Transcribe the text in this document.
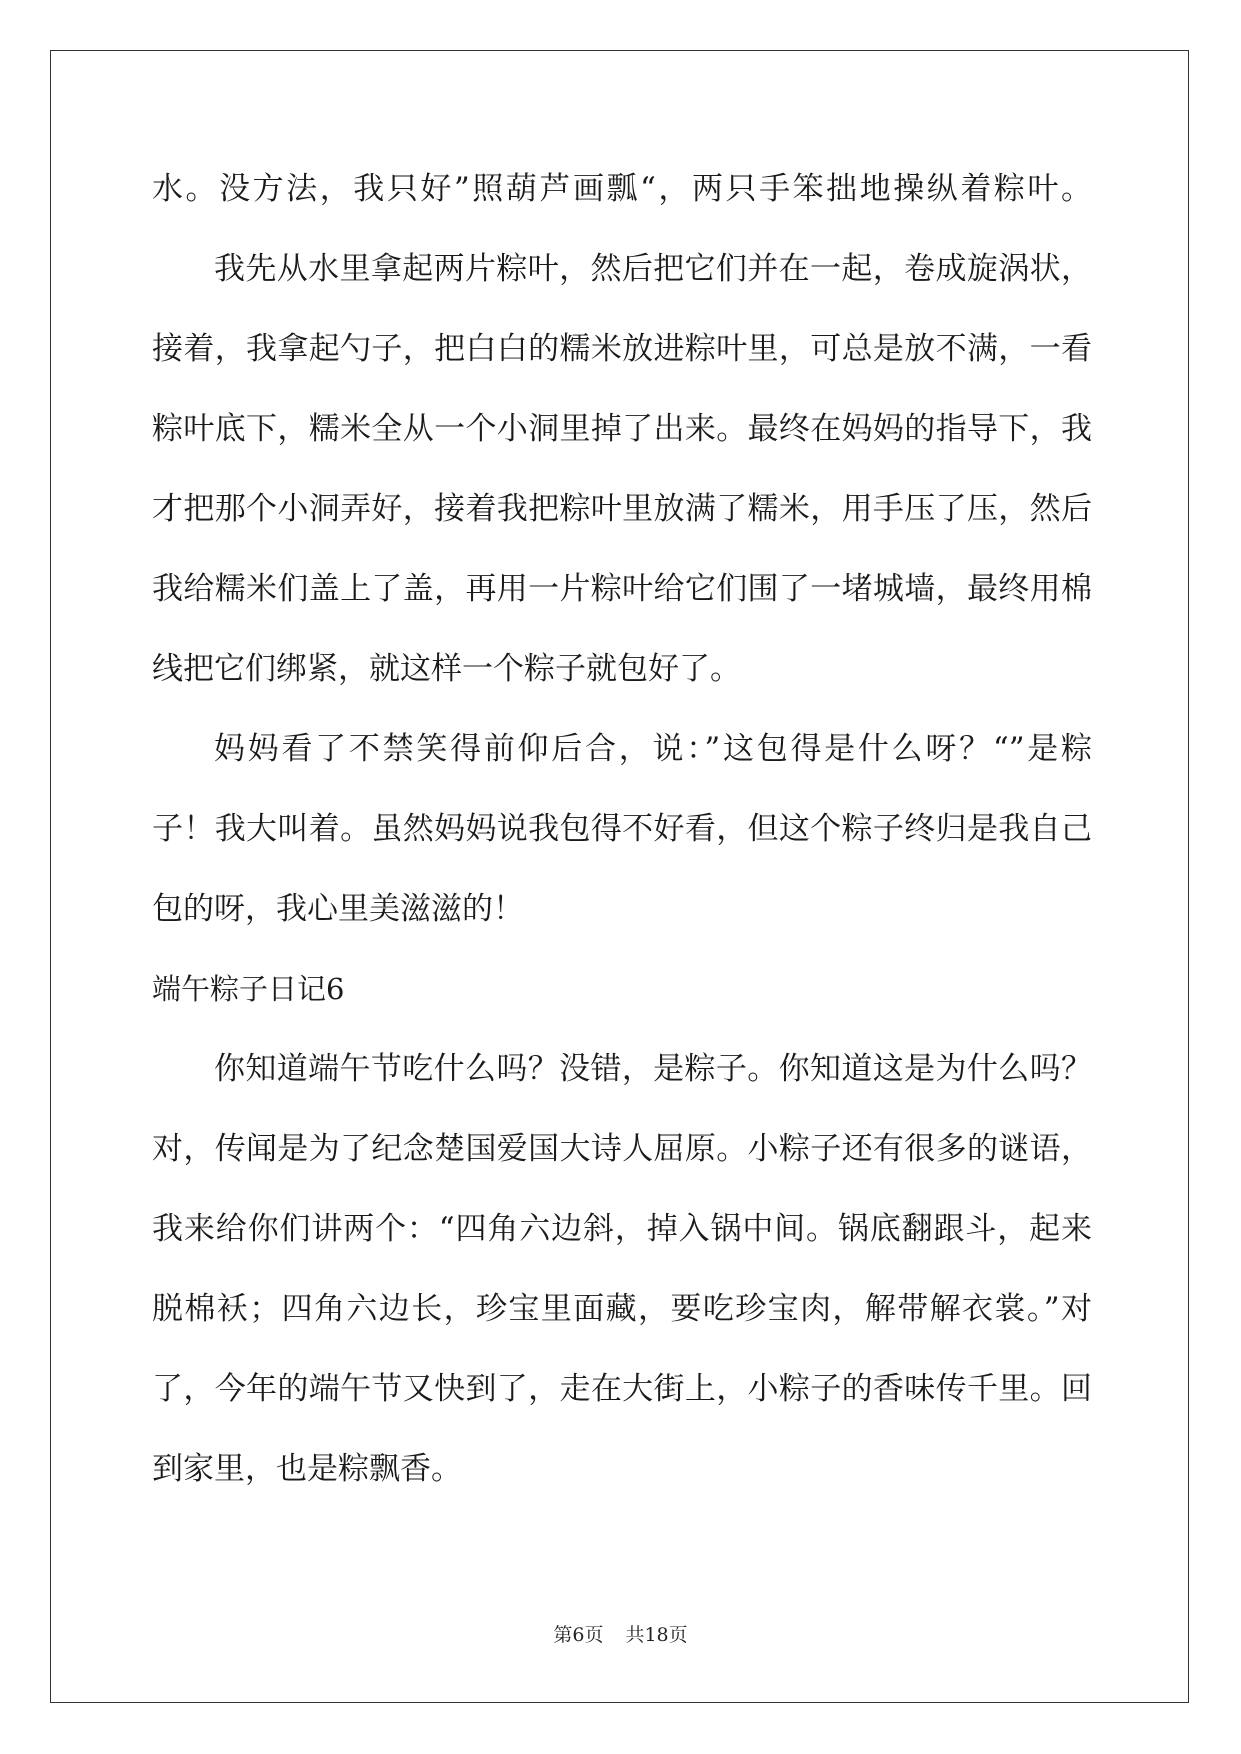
水。没方法，我只好”照葫芦画瓢“，两只手笨拙地操纵着粽叶。
我先从水里拿起两片粽叶，然后把它们并在一起，卷成旋涡状，
接着，我拿起勺子，把白白的糯米放进粽叶里，可总是放不满，一看
粽叶底下，糯米全从一个小洞里掉了出来。最终在妈妈的指导下，我
才把那个小洞弄好，接着我把粽叶里放满了糯米，用手压了压，然后
我给糯米们盖上了盖，再用一片粽叶给它们围了一堵城墙，最终用棉
线把它们绑紧，就这样一个粽子就包好了。
妈妈看了不禁笑得前仰后合，说：”这包得是什么呀？“”是粽
子！我大叫着。虽然妈妈说我包得不好看，但这个粽子终归是我自己
包的呀，我心里美滋滋的！
端午粽子日记6
你知道端午节吃什么吗？没错，是粽子。你知道这是为什么吗？
对，传闻是为了纪念楚国爱国大诗人屈原。小粽子还有很多的谜语，
我来给你们讲两个：“四角六边斜，掉入锅中间。锅底翻跟斗，起来
脱棉袄；四角六边长，珍宝里面藏，要吃珍宝肉，解带解衣裳。”对
了，今年的端午节又快到了，走在大街上，小粽子的香味传千里。回
到家里，也是粽飘香。
第6页 共18页
